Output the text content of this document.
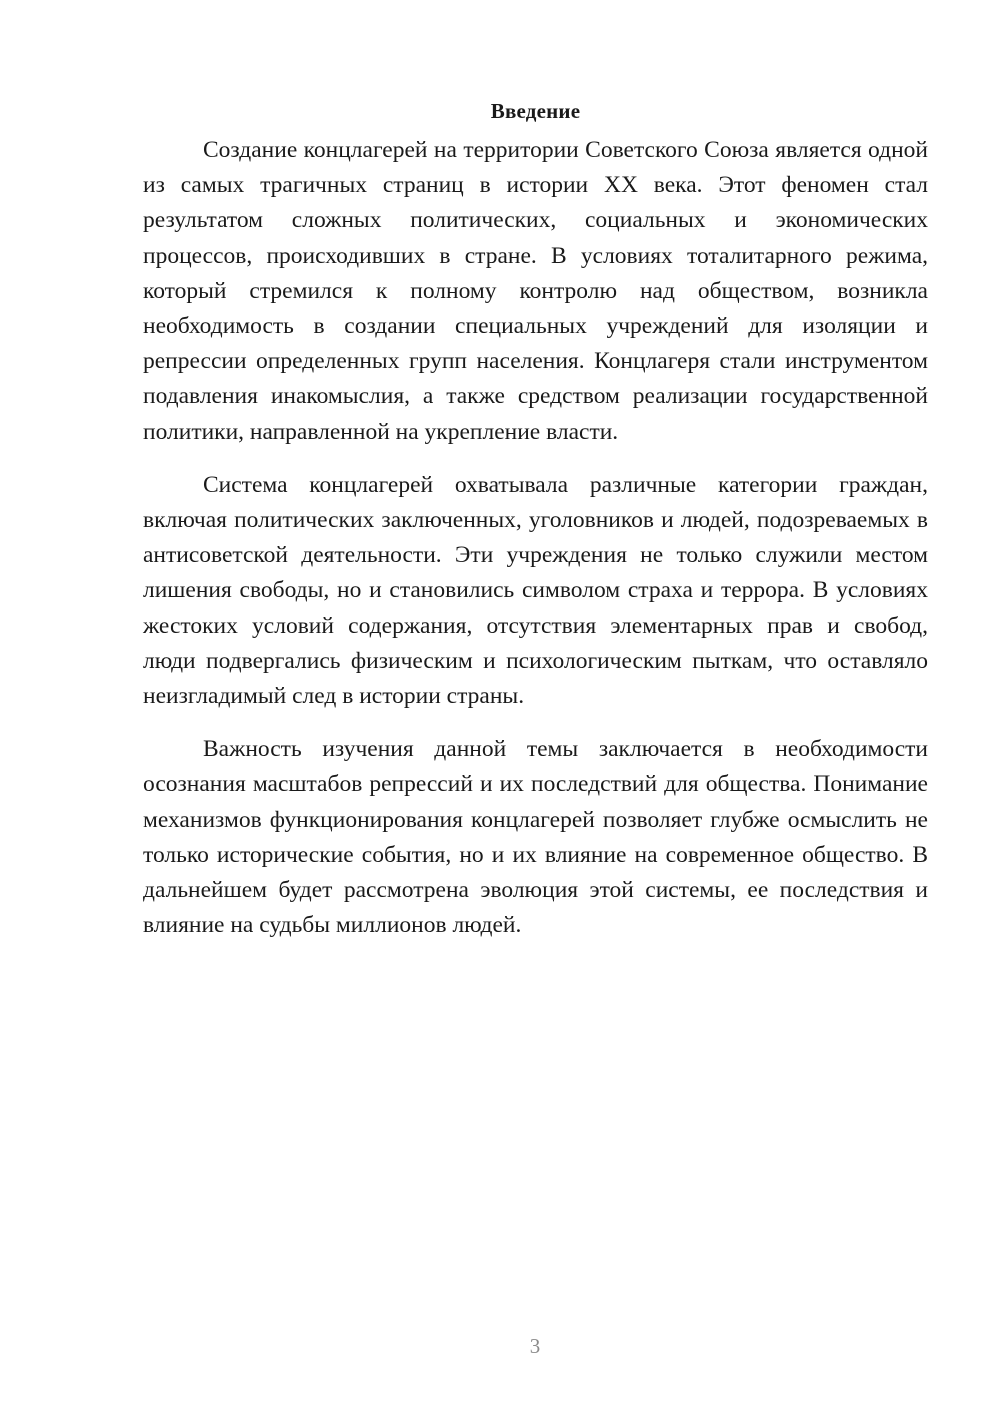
Введение

Создание концлагерей на территории Советского Союза является одной из самых трагичных страниц в истории XX века. Этот феномен стал результатом сложных политических, социальных и экономических процессов, происходивших в стране. В условиях тоталитарного режима, который стремился к полному контролю над обществом, возникла необходимость в создании специальных учреждений для изоляции и репрессии определенных групп населения. Концлагеря стали инструментом подавления инакомыслия, а также средством реализации государственной политики, направленной на укрепление власти.

Система концлагерей охватывала различные категории граждан, включая политических заключенных, уголовников и людей, подозреваемых в антисоветской деятельности. Эти учреждения не только служили местом лишения свободы, но и становились символом страха и террора. В условиях жестоких условий содержания, отсутствия элементарных прав и свобод, люди подвергались физическим и психологическим пыткам, что оставляло неизгладимый след в истории страны.

Важность изучения данной темы заключается в необходимости осознания масштабов репрессий и их последствий для общества. Понимание механизмов функционирования концлагерей позволяет глубже осмыслить не только исторические события, но и их влияние на современное общество. В дальнейшем будет рассмотрена эволюция этой системы, ее последствия и влияние на судьбы миллионов людей.

3
